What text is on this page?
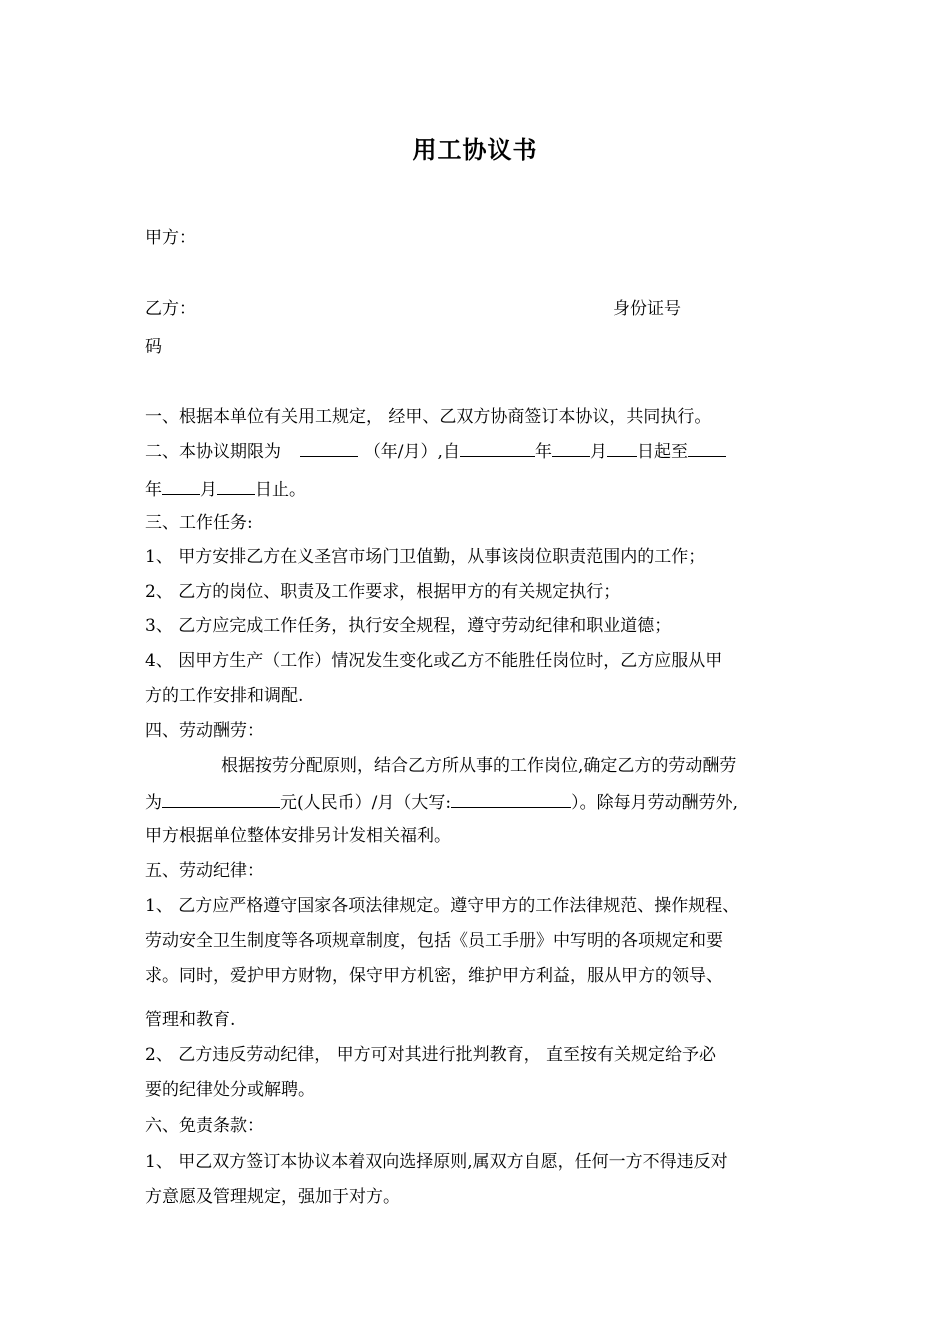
用工协议书
甲方：
乙方：	身份证号
码
一、根据本单位有关用工规定， 经甲、乙双方协商签订本协议，共同执行。
二、本协议期限为	（年/月）,自	年 月 日起至
年 月 日止。
三、工作任务:
1、 甲方安排乙方在义圣宫市场门卫值勤，从事该岗位职责范围内的工作；
2、 乙方的岗位、职责及工作要求，根据甲方的有关规定执行；
3、 乙方应完成工作任务，执行安全规程，遵守劳动纪律和职业道德；
4、 因甲方生产（工作）情况发生变化或乙方不能胜任岗位时，乙方应服从甲
方的工作安排和调配.
四、劳动酬劳：
根据按劳分配原则，结合乙方所从事的工作岗位,确定乙方的劳动酬劳
为	元(人民币）/月（大写:	）。除每月劳动酬劳外,
甲方根据单位整体安排另计发相关福利。
五、劳动纪律：
1、 乙方应严格遵守国家各项法律规定。遵守甲方的工作法律规范、操作规程、
劳动安全卫生制度等各项规章制度，包括《员工手册》中写明的各项规定和要
求。同时，爱护甲方财物，保守甲方机密，维护甲方利益，服从甲方的领导、
管理和教育.
2、 乙方违反劳动纪律， 甲方可对其进行批判教育， 直至按有关规定给予必
要的纪律处分或解聘。
六、免责条款：
1、 甲乙双方签订本协议本着双向选择原则,属双方自愿，任何一方不得违反对
方意愿及管理规定，强加于对方。
